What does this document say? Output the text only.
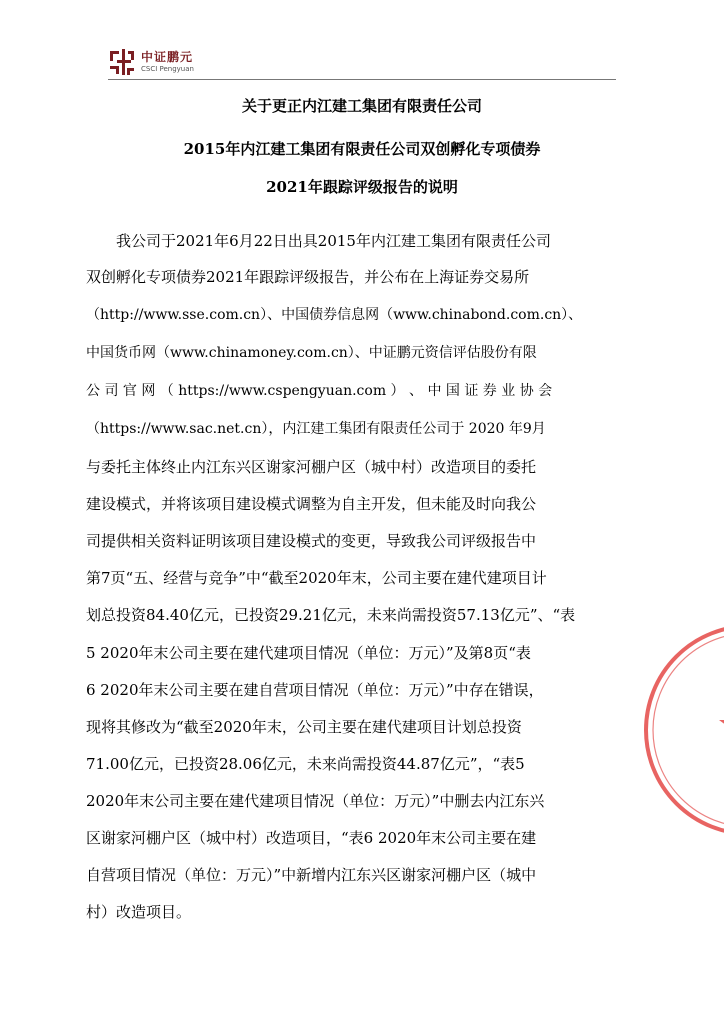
中证鹏元
CSCI Pengyuan
关于更正内江建工集团有限责任公司
2015年内江建工集团有限责任公司双创孵化专项债券
2021年跟踪评级报告的说明
我公司于2021年6月22日出具2015年内江建工集团有限责任公司
双创孵化专项债券2021年跟踪评级报告，并公布在上海证券交易所
（http://www.sse.com.cn）、中国债券信息网（www.chinabond.com.cn）、
中国货币网（www.chinamoney.com.cn）、中证鹏元资信评估股份有限
公 司 官 网 （ https://www.cspengyuan.com ） 、 中 国 证 券 业 协 会
（https://www.sac.net.cn），内江建工集团有限责任公司于 2020 年9月
与委托主体终止内江东兴区谢家河棚户区（城中村）改造项目的委托
建设模式，并将该项目建设模式调整为自主开发，但未能及时向我公
司提供相关资料证明该项目建设模式的变更，导致我公司评级报告中
第7页“五、经营与竞争”中“截至2020年末，公司主要在建代建项目计
划总投资84.40亿元，已投资29.21亿元，未来尚需投资57.13亿元”、“表
5 2020年末公司主要在建代建项目情况（单位：万元）”及第8页“表
6 2020年末公司主要在建自营项目情况（单位：万元）”中存在错误，
现将其修改为“截至2020年末，公司主要在建代建项目计划总投资
71.00亿元，已投资28.06亿元，未来尚需投资44.87亿元”，“表5
2020年末公司主要在建代建项目情况（单位：万元）”中删去内江东兴
区谢家河棚户区（城中村）改造项目，“表6 2020年末公司主要在建
自营项目情况（单位：万元）”中新增内江东兴区谢家河棚户区（城中
村）改造项目。
